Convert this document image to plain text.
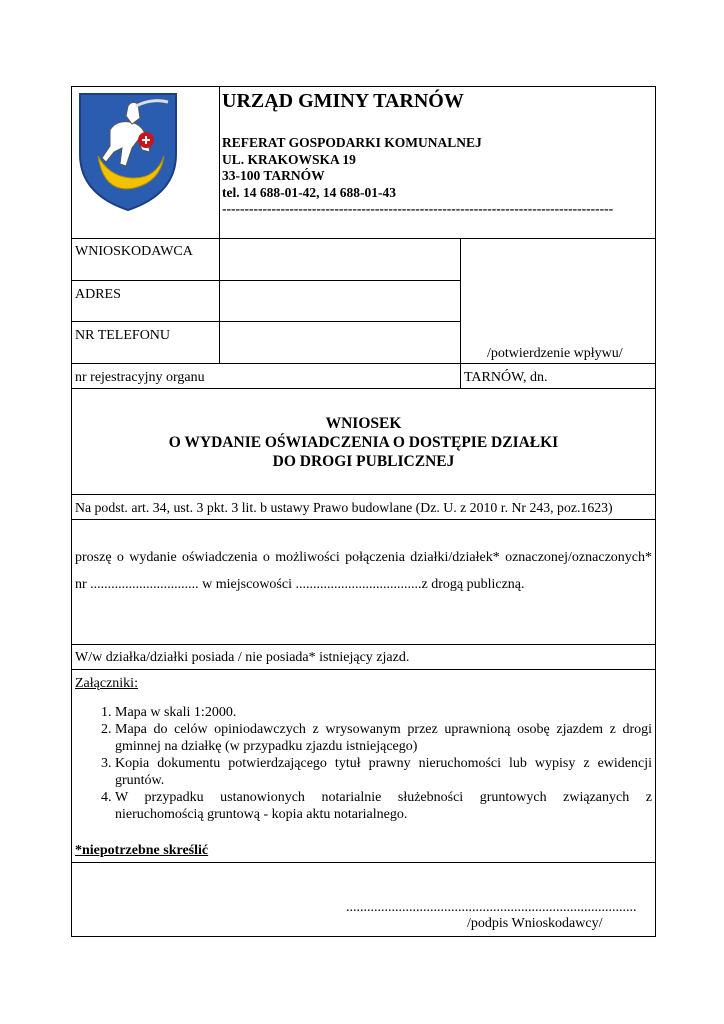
URZĄD GMINY TARNÓW
REFERAT GOSPODARKI KOMUNALNEJ
UL. KRAKOWSKA 19
33-100 TARNÓW
tel. 14 688-01-42, 14 688-01-43
---------------------------------------------------------------------------------------
WNIOSKODAWCA
ADRES
NR TELEFONU
/potwierdzenie wpływu/
nr rejestracyjny organu	TARNÓW, dn.
WNIOSEK
O WYDANIE OŚWIADCZENIA O DOSTĘPIE DZIAŁKI
DO DROGI PUBLICZNEJ
Na podst. art. 34, ust. 3 pkt. 3 lit. b ustawy Prawo budowlane (Dz. U. z 2010 r. Nr 243, poz.1623)
proszę o wydanie oświadczenia o możliwości połączenia działki/działek* oznaczonej/oznaczonych* nr ............................... w miejscowości ....................................z drogą publiczną.
W/w działka/działki posiada / nie posiada* istniejący zjazd.
Załączniki:
1. Mapa w skali 1:2000.
2. Mapa do celów opiniodawczych z wrysowanym przez uprawnioną osobę zjazdem z drogi gminnej na działkę (w przypadku zjazdu istniejącego)
3. Kopia dokumentu potwierdzającego tytuł prawny nieruchomości lub wypisy z ewidencji gruntów.
4. W przypadku ustanowionych notarialnie służebności gruntowych związanych z nieruchomością gruntową - kopia aktu notarialnego.
*niepotrzebne skreślić
...................................................................................
/podpis Wnioskodawcy/
